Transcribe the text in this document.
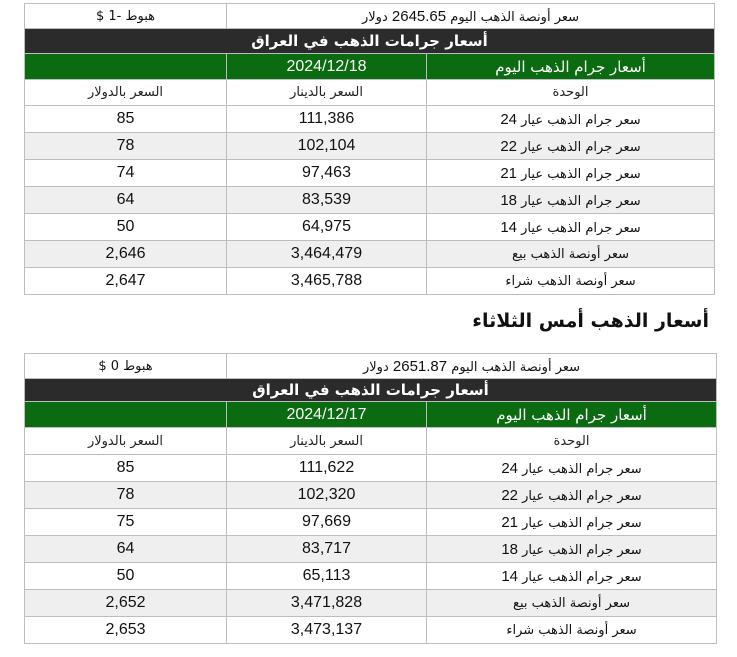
سعر أونصة الذهب اليوم 2645.65 دولار		هبوط -1 $
أسعار جرامات الذهب في العراق		
أسعار جرام الذهب اليوم	2024/12/18	
الوحدة	السعر بالدينار	السعر بالدولار
سعر جرام الذهب عيار 24	111,386	85
سعر جرام الذهب عيار 22	102,104	78
سعر جرام الذهب عيار 21	97,463	74
سعر جرام الذهب عيار 18	83,539	64
سعر جرام الذهب عيار 14	64,975	50
سعر أونصة الذهب بيع	3,464,479	2,646
سعر أونصة الذهب شراء	3,465,788	2,647
أسعار الذهب أمس الثلاثاء
سعر أونصة الذهب اليوم 2651.87 دولار		هبوط 0 $
أسعار جرامات الذهب في العراق		
أسعار جرام الذهب اليوم	2024/12/17	
الوحدة	السعر بالدينار	السعر بالدولار
سعر جرام الذهب عيار 24	111,622	85
سعر جرام الذهب عيار 22	102,320	78
سعر جرام الذهب عيار 21	97,669	75
سعر جرام الذهب عيار 18	83,717	64
سعر جرام الذهب عيار 14	65,113	50
سعر أونصة الذهب بيع	3,471,828	2,652
سعر أونصة الذهب شراء	3,473,137	2,653
